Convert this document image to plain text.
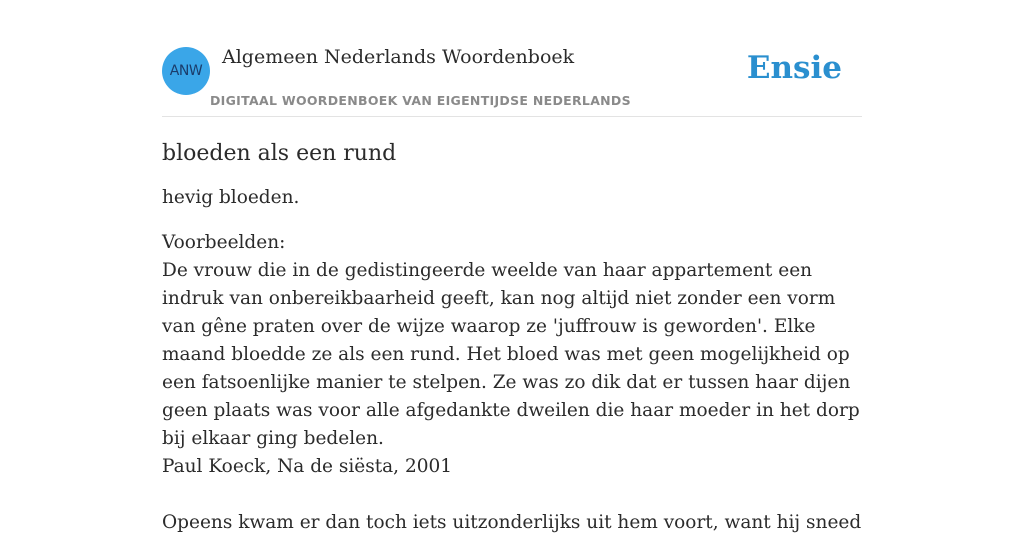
ANW
Algemeen Nederlands Woordenboek
DIGITAAL WOORDENBOEK VAN EIGENTIJDSE NEDERLANDS
Ensie
bloeden als een rund
hevig bloeden.

Voorbeelden:

De vrouw die in de gedistingeerde weelde van haar appartement een indruk van onbereikbaarheid geeft, kan nog altijd niet zonder een vorm van gêne praten over de wijze waarop ze 'juffrouw is geworden'. Elke maand bloedde ze als een rund. Het bloed was met geen mogelijkheid op een fatsoenlijke manier te stelpen. Ze was zo dik dat er tussen haar dijen geen plaats was voor alle afgedankte dweilen die haar moeder in het dorp bij elkaar ging bedelen.

Paul Koeck, Na de siësta, 2001

Opeens kwam er dan toch iets uitzonderlijks uit hem voort, want hij sneed
